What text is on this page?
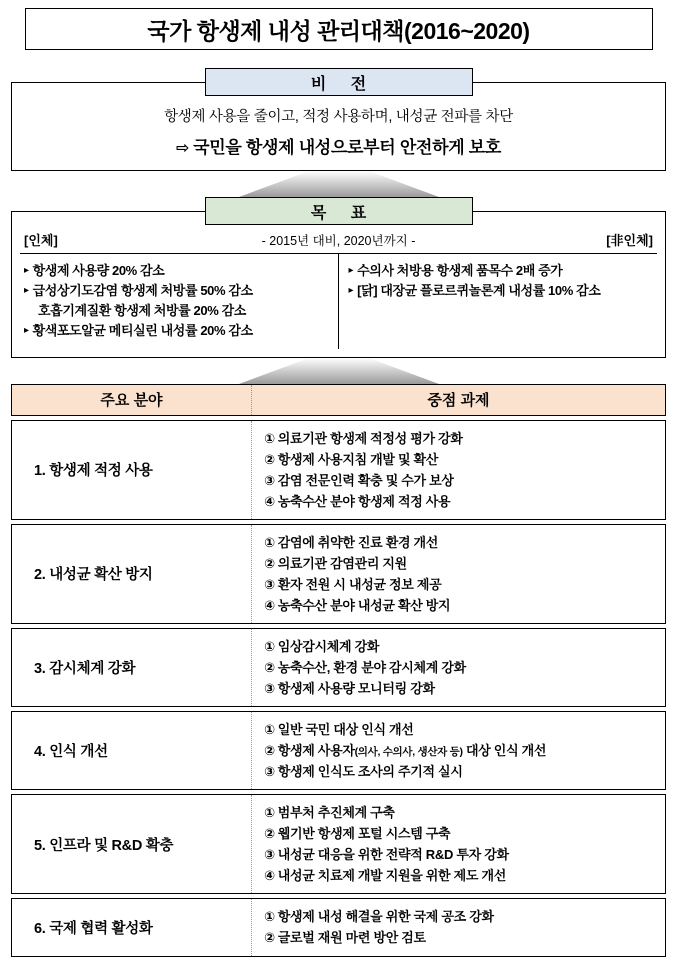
국가 항생제 내성 관리대책(2016~2020)
비 전
항생제 사용을 줄이고, 적정 사용하며, 내성균 전파를 차단
⇨ 국민을 항생제 내성으로부터 안전하게 보호
목 표
[인체]	- 2015년 대비, 2020년까지 -	[非인체]
▸ 항생제 사용량 20% 감소
▸ 급성상기도감염 항생제 처방률 50% 감소
호흡기계질환 항생제 처방률 20% 감소
▸ 황색포도알균 메티실린 내성률 20% 감소
▸ 수의사 처방용 항생제 품목수 2배 증가
▸ [닭] 대장균 플로르퀴놀론계 내성률 10% 감소
주요 분야	중점 과제
1. 항생제 적정 사용
① 의료기관 항생제 적정성 평가 강화
② 항생제 사용지침 개발 및 확산
③ 감염 전문인력 확충 및 수가 보상
④ 농축수산 분야 항생제 적정 사용
2. 내성균 확산 방지
① 감염에 취약한 진료 환경 개선
② 의료기관 감염관리 지원
③ 환자 전원 시 내성균 정보 제공
④ 농축수산 분야 내성균 확산 방지
3. 감시체계 강화
① 임상감시체계 강화
② 농축수산, 환경 분야 감시체계 강화
③ 항생제 사용량 모니터링 강화
4. 인식 개선
① 일반 국민 대상 인식 개선
② 항생제 사용자(의사, 수의사, 생산자 등) 대상 인식 개선
③ 항생제 인식도 조사의 주기적 실시
5. 인프라 및 R&D 확충
① 범부처 추진체계 구축
② 웹기반 항생제 포털 시스템 구축
③ 내성균 대응을 위한 전략적 R&D 투자 강화
④ 내성균 치료제 개발 지원을 위한 제도 개선
6. 국제 협력 활성화
① 항생제 내성 해결을 위한 국제 공조 강화
② 글로벌 재원 마련 방안 검토
